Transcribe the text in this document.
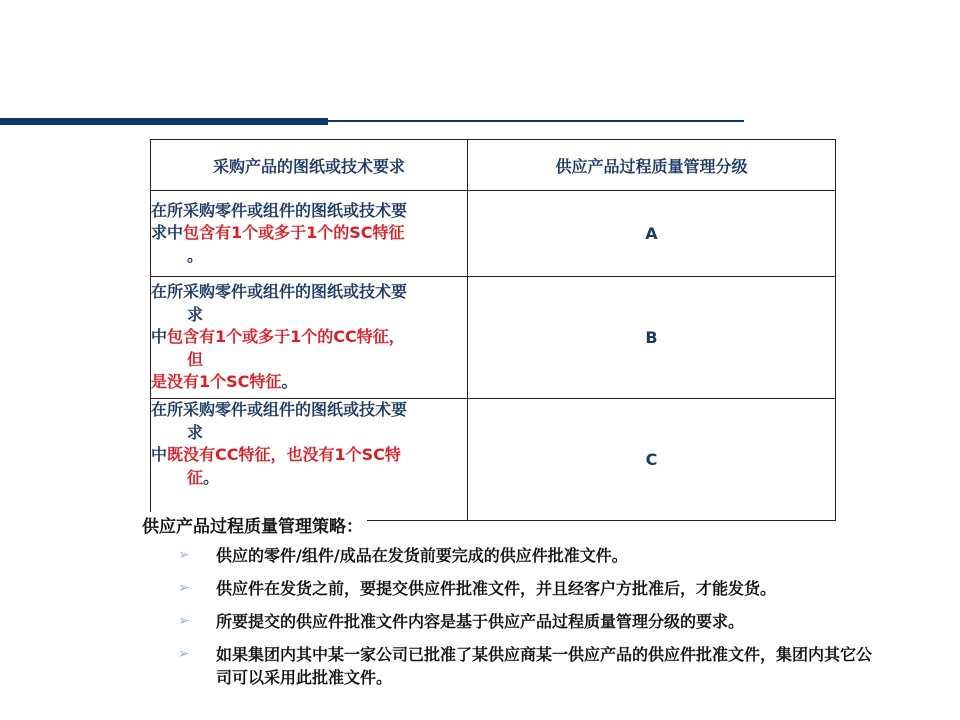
采购产品的图纸或技术要求	供应产品过程质量管理分级

在所采购零件或组件的图纸或技术要
求中包含有1个或多于1个的SC特征
。	A

在所采购零件或组件的图纸或技术要
求
中包含有1个或多于1个的CC特征，
但
是没有1个SC特征。	B

在所采购零件或组件的图纸或技术要
求
中既没有CC特征，也没有1个SC特
征。	C
供应产品过程质量管理策略：
➢ 供应的零件/组件/成品在发货前要完成的供应件批准文件。
➢ 供应件在发货之前，要提交供应件批准文件，并且经客户方批准后，才能发货。
➢ 所要提交的供应件批准文件内容是基于供应产品过程质量管理分级的要求。
➢ 如果集团内其中某一家公司已批准了某供应商某一供应产品的供应件批准文件，集团内其它公司可以采用此批准文件。
